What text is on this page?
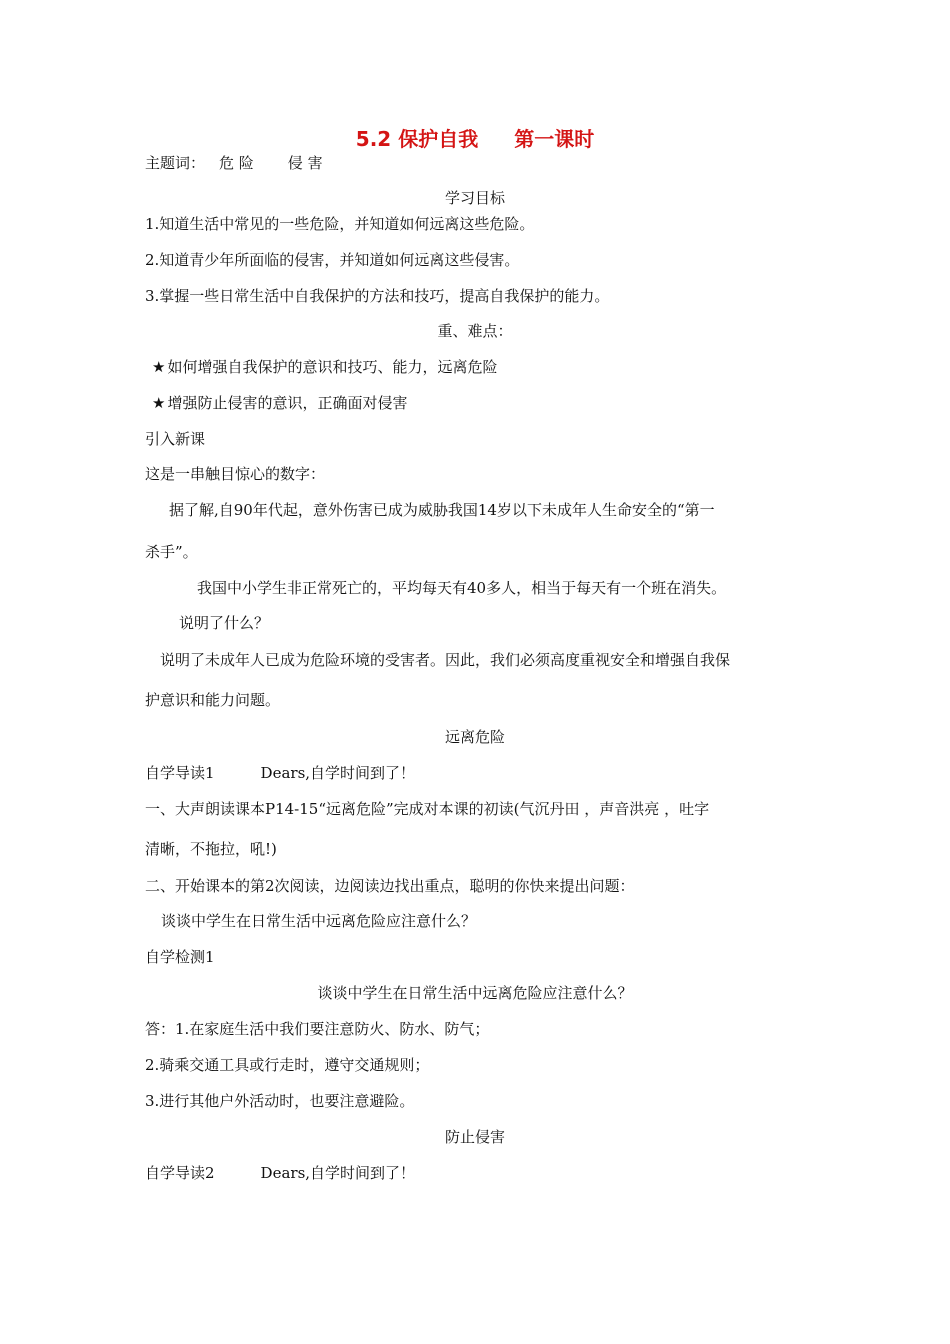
5.2 保护自我 第一课时
主题词： 危 险 侵 害
学习目标
1.知道生活中常见的一些危险，并知道如何远离这些危险。
2.知道青少年所面临的侵害，并知道如何远离这些侵害。
3.掌握一些日常生活中自我保护的方法和技巧，提高自我保护的能力。
重、难点：
★ 如何增强自我保护的意识和技巧、能力，远离危险
★ 增强防止侵害的意识，正确面对侵害
引入新课
这是一串触目惊心的数字：
据了解,自90年代起，意外伤害已成为威胁我国14岁以下未成年人生命安全的“第一
杀手”。
我国中小学生非正常死亡的，平均每天有40多人，相当于每天有一个班在消失。
说明了什么？
说明了未成年人已成为危险环境的受害者。因此，我们必须高度重视安全和增强自我保
护意识和能力问题。
远离危险
自学导读1	Dears,自学时间到了！
一、大声朗读课本P14-15“远离危险”完成对本课的初读(气沉丹田 ，声音洪亮 ，吐字
清晰，不拖拉，吼!)
二、开始课本的第2次阅读，边阅读边找出重点，聪明的你快来提出问题：
谈谈中学生在日常生活中远离危险应注意什么？
自学检测1
谈谈中学生在日常生活中远离危险应注意什么？
答：1.在家庭生活中我们要注意防火、防水、防气；
2.骑乘交通工具或行走时，遵守交通规则；
3.进行其他户外活动时，也要注意避险。
防止侵害
自学导读2	Dears,自学时间到了！
